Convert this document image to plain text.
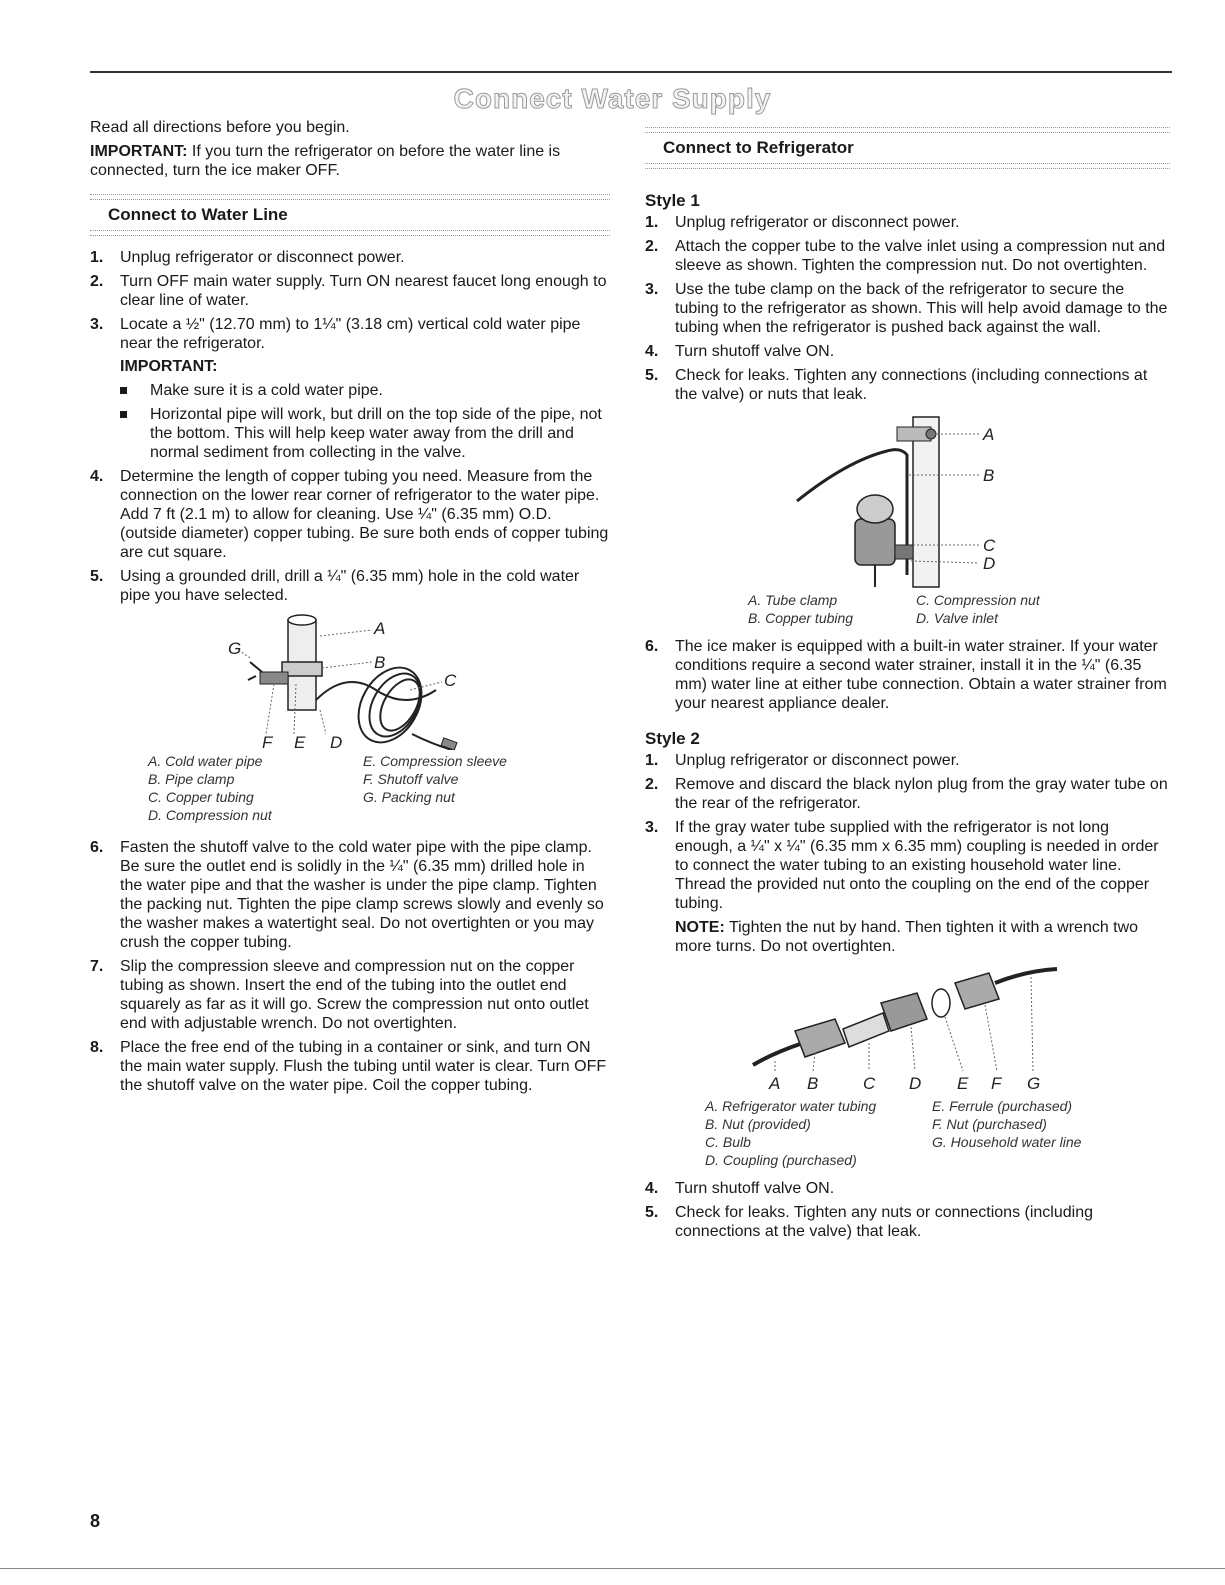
Connect Water Supply

Read all directions before you begin.

IMPORTANT: If you turn the refrigerator on before the water line is connected, turn the ice maker OFF.

Connect to Water Line
1. Unplug refrigerator or disconnect power.
2. Turn OFF main water supply. Turn ON nearest faucet long enough to clear line of water.
3. Locate a ½" (12.70 mm) to 1¼" (3.18 cm) vertical cold water pipe near the refrigerator.
IMPORTANT:
Make sure it is a cold water pipe.
Horizontal pipe will work, but drill on the top side of the pipe, not the bottom. This will help keep water away from the drill and normal sediment from collecting in the valve.
4. Determine the length of copper tubing you need. Measure from the connection on the lower rear corner of refrigerator to the water pipe. Add 7 ft (2.1 m) to allow for cleaning. Use ¼" (6.35 mm) O.D. (outside diameter) copper tubing. Be sure both ends of copper tubing are cut square.
5. Using a grounded drill, drill a ¼" (6.35 mm) hole in the cold water pipe you have selected.
A
B
C
D
E
F
G
A. Cold water pipe	E. Compression sleeve
B. Pipe clamp	F. Shutoff valve
C. Copper tubing	G. Packing nut
D. Compression nut
6. Fasten the shutoff valve to the cold water pipe with the pipe clamp. Be sure the outlet end is solidly in the ¼" (6.35 mm) drilled hole in the water pipe and that the washer is under the pipe clamp. Tighten the packing nut. Tighten the pipe clamp screws slowly and evenly so the washer makes a watertight seal. Do not overtighten or you may crush the copper tubing.
7. Slip the compression sleeve and compression nut on the copper tubing as shown. Insert the end of the tubing into the outlet end squarely as far as it will go. Screw the compression nut onto outlet end with adjustable wrench. Do not overtighten.
8. Place the free end of the tubing in a container or sink, and turn ON the main water supply. Flush the tubing until water is clear. Turn OFF the shutoff valve on the water pipe. Coil the copper tubing.
Connect to Refrigerator
Style 1
1. Unplug refrigerator or disconnect power.
2. Attach the copper tube to the valve inlet using a compression nut and sleeve as shown. Tighten the compression nut. Do not overtighten.
3. Use the tube clamp on the back of the refrigerator to secure the tubing to the refrigerator as shown. This will help avoid damage to the tubing when the refrigerator is pushed back against the wall.
4. Turn shutoff valve ON.
5. Check for leaks. Tighten any connections (including connections at the valve) or nuts that leak.
A
B
C
D
A. Tube clamp	C. Compression nut
B. Copper tubing	D. Valve inlet
6. The ice maker is equipped with a built-in water strainer. If your water conditions require a second water strainer, install it in the ¼" (6.35 mm) water line at either tube connection. Obtain a water strainer from your nearest appliance dealer.
Style 2
1. Unplug refrigerator or disconnect power.
2. Remove and discard the black nylon plug from the gray water tube on the rear of the refrigerator.
3. If the gray water tube supplied with the refrigerator is not long enough, a ¼" x ¼" (6.35 mm x 6.35 mm) coupling is needed in order to connect the water tubing to an existing household water line. Thread the provided nut onto the coupling on the end of the copper tubing.

NOTE: Tighten the nut by hand. Then tighten it with a wrench two more turns. Do not overtighten.

A B	C D E F G
A. Refrigerator water tubing	E. Ferrule (purchased)
B. Nut (provided)	F. Nut (purchased)
C. Bulb	G. Household water line
D. Coupling (purchased)
4. Turn shutoff valve ON.
5. Check for leaks. Tighten any nuts or connections (including connections at the valve) that leak.
8
